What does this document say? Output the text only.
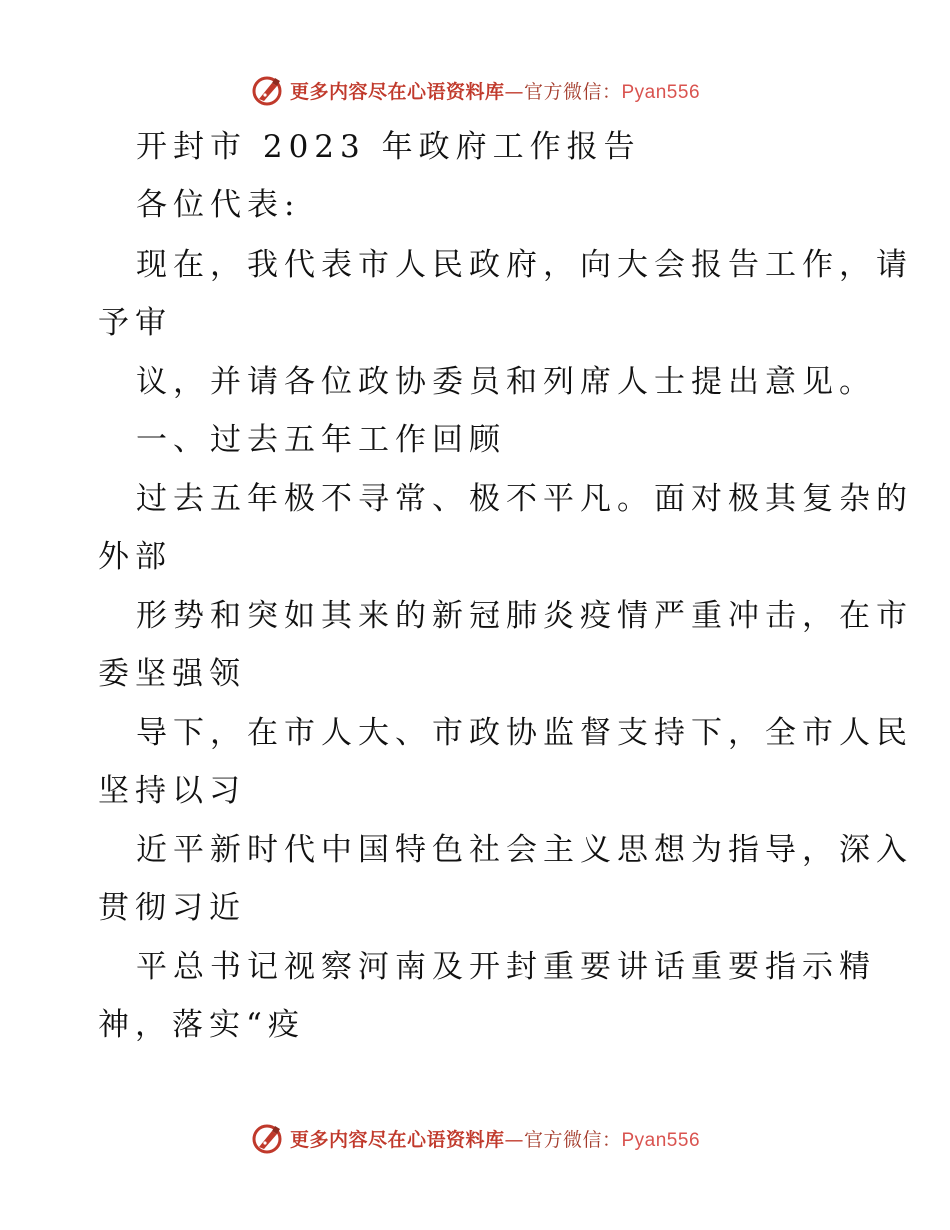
更多内容尽在心语资料库—官方微信：Pyan556
开封市 2023 年政府工作报告
各位代表:
现在，我代表市人民政府，向大会报告工作，请
予审
议，并请各位政协委员和列席人士提出意见。
一、过去五年工作回顾
过去五年极不寻常、极不平凡。面对极其复杂的
外部
形势和突如其来的新冠肺炎疫情严重冲击，在市
委坚强领
导下，在市人大、市政协监督支持下，全市人民
坚持以习
近平新时代中国特色社会主义思想为指导，深入
贯彻习近
平总书记视察河南及开封重要讲话重要指示精
神，落实“疫
更多内容尽在心语资料库—官方微信：Pyan556
